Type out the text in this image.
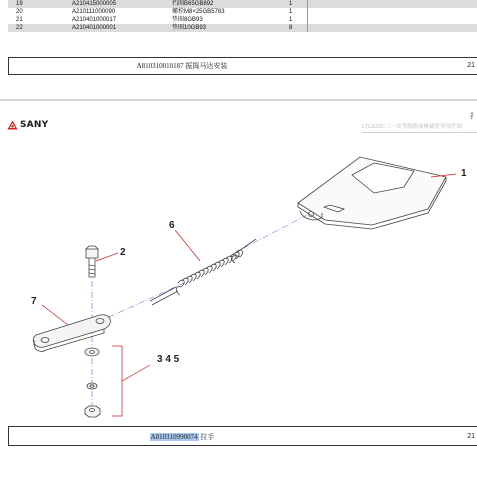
19	A210415000005	挡圈B65GB892	1	
20	A210111000090	螺栓M8×25GB5783	1	
21	A210401000017	垫圈8GB93	1	
22	A210401000001	垫圈10GB93	8	
A810310010187 振捣马达安装	21
扌
SANY	LTU120C三一高等级路面摊铺机零部件图
1
2
6
7
3 4 5
A810310990074 拉手	21
